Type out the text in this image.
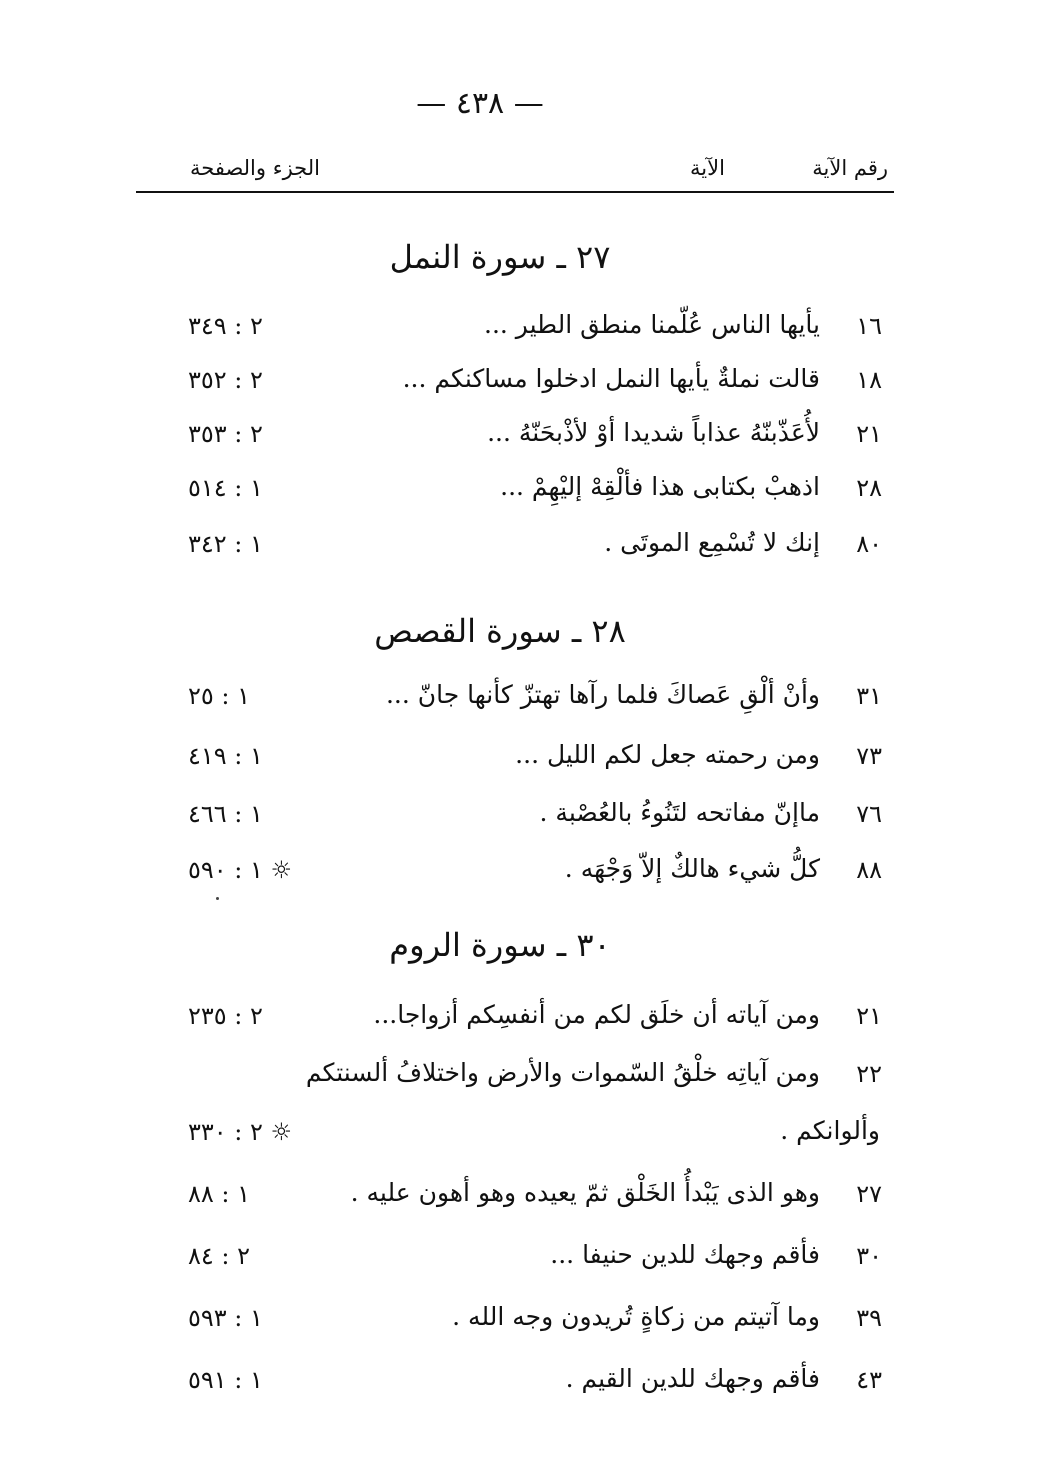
— ٤٣٨ —
رقم الآية
الآية
الجزء والصفحة
٢٧ ـ سورة النمل
١٦
يأيها الناس عُلّمنا منطق الطير ...
٢ : ٣٤٩
١٨
قالت نملةٌ يأيها النمل ادخلوا مساكنكم ...
٢ : ٣٥٢
٢١
لأُعَذّبنّهُ عذاباً شديدا أوْ لأذْبحَنّهُ ...
٢ : ٣٥٣
٢٨
اذهبْ بكتابى هذا فألْقِهْ إليْهِمْ ...
١ : ٥١٤
٨٠
إنك لا تُسْمِع الموتَى .
١ : ٣٤٢
٢٨ ـ سورة القصص
٣١
وأنْ ألْقِ عَصاكَ فلما رآها تهتزّ كأنها جانّ ...
١ : ٢٥
٧٣
ومن رحمته جعل لكم الليل ...
١ : ٤١٩
٧٦
ماإنّ مفاتحه لتَنُوءُ بالعُصْبة .
١ : ٤٦٦
٨٨
كلُّ شيء هالكٌ إلاّ وَجْهَه .
١ : ٥٩٠ ☼
٣٠ ـ سورة الروم
٢١
ومن آياته أن خلَق لكم من أنفسِكم أزواجا...
٢ : ٢٣٥
٢٢
ومن آياتِه خلْقُ السّموات والأرض واختلافُ ألسنتكم
وألوانكم .
٢ : ٣٣٠ ☼
٢٧
وهو الذى يَبْدأُ الخَلْق ثمّ يعيده وهو أهون عليه .
١ : ٨٨
٣٠
فأقم وجهك للدين حنيفا ...
٢ : ٨٤
٣٩
وما آتيتم من زكاةٍ تُريدون وجه الله .
١ : ٥٩٣
٤٣
فأقم وجهك للدين القيم .
١ : ٥٩١
